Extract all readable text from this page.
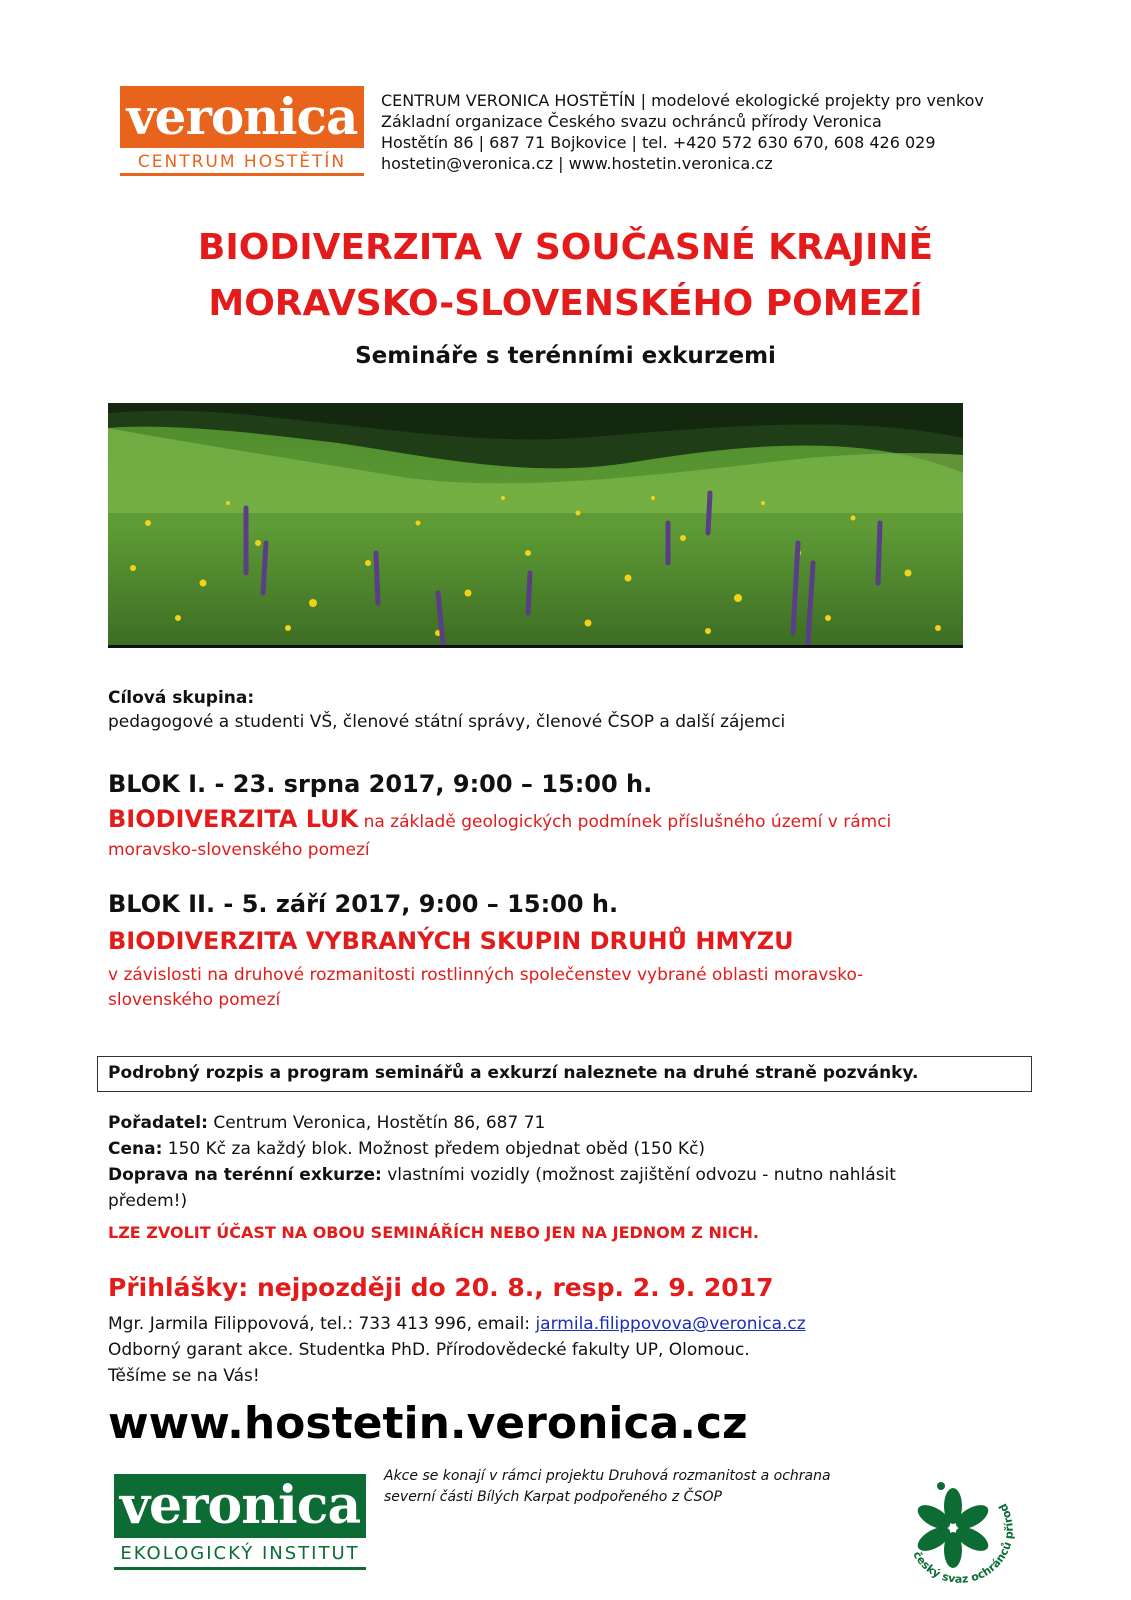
veronica
CENTRUM HOSTĚTÍN
CENTRUM VERONICA HOSTĚTÍN | modelové ekologické projekty pro venkov
Základní organizace Českého svazu ochránců přírody Veronica
Hostětín 86 | 687 71 Bojkovice | tel. +420 572 630 670, 608 426 029
hostetin@veronica.cz | www.hostetin.veronica.cz
BIODIVERZITA V SOUČASNÉ KRAJINĚ
MORAVSKO-SLOVENSKÉHO POMEZÍ
Semináře s terénními exkurzemi
Cílová skupina:
pedagogové a studenti VŠ, členové státní správy, členové ČSOP a další zájemci
BLOK I. - 23. srpna 2017, 9:00 – 15:00 h.
BIODIVERZITA LUK na základě geologických podmínek příslušného území v rámci
moravsko-slovenského pomezí
BLOK II. - 5. září 2017, 9:00 – 15:00 h.
BIODIVERZITA VYBRANÝCH SKUPIN DRUHŮ HMYZU
v závislosti na druhové rozmanitosti rostlinných společenstev vybrané oblasti moravsko-
slovenského pomezí
Podrobný rozpis a program seminářů a exkurzí naleznete na druhé straně pozvánky.
Pořadatel: Centrum Veronica, Hostětín 86, 687 71
Cena: 150 Kč za každý blok. Možnost předem objednat oběd (150 Kč)
Doprava na terénní exkurze: vlastními vozidly (možnost zajištění odvozu - nutno nahlásit
předem!)
LZE ZVOLIT ÚČAST NA OBOU SEMINÁŘÍCH NEBO JEN NA JEDNOM Z NICH.
Přihlášky: nejpozději do 20. 8., resp. 2. 9. 2017
Mgr. Jarmila Filippovová, tel.: 733 413 996, email: jarmila.filippovova@veronica.cz
Odborný garant akce. Studentka PhD. Přírodovědecké fakulty UP, Olomouc.
Těšíme se na Vás!
www.hostetin.veronica.cz
veronica
EKOLOGICKÝ INSTITUT
Akce se konají v rámci projektu Druhová rozmanitost a ochrana
severní části Bílých Karpat podpořeného z ČSOP
český svaz ochránců přírod
